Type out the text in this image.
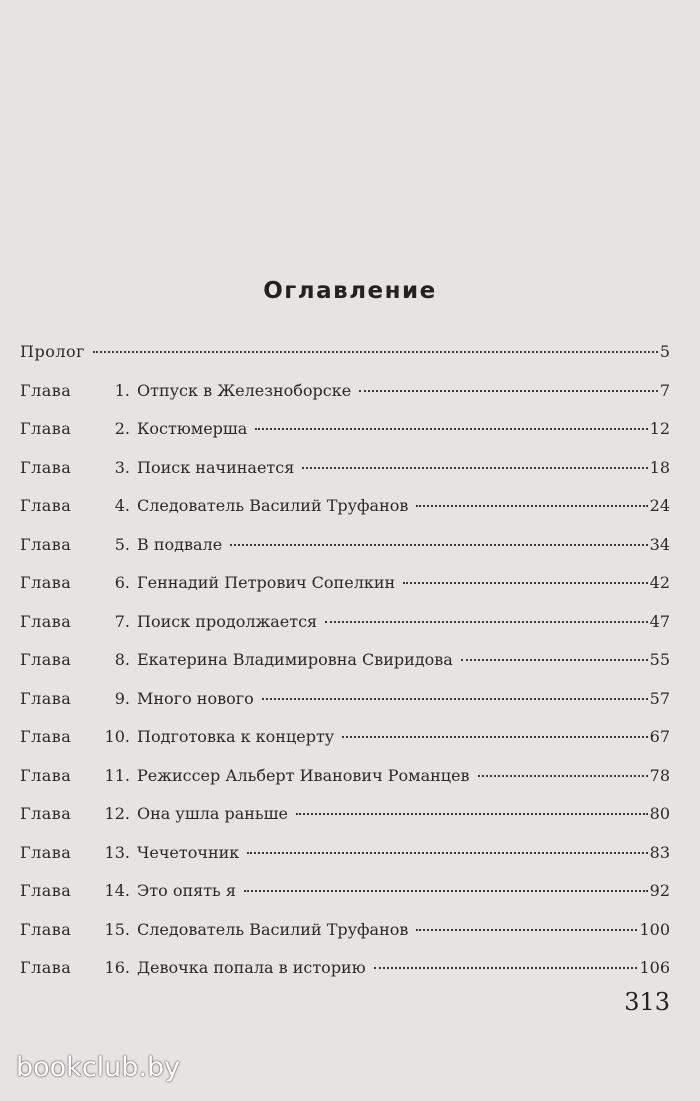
Оглавление
Пролог	5
Глава	1. Отпуск в Железноборске	7
Глава	2. Костюмерша	12
Глава	3. Поиск начинается	18
Глава	4. Следователь Василий Труфанов	24
Глава	5. В подвале	34
Глава	6. Геннадий Петрович Сопелкин	42
Глава	7. Поиск продолжается	47
Глава	8. Екатерина Владимировна Свиридова	55
Глава	9. Много нового	57
Глава 10. Подготовка к концерту	67
Глава 11. Режиссер Альберт Иванович Романцев	78
Глава 12. Она ушла раньше	80
Глава 13. Чечеточник	83
Глава 14. Это опять я	92
Глава 15. Следователь Василий Труфанов	100
Глава 16. Девочка попала в историю	106
313
bookclub.by
